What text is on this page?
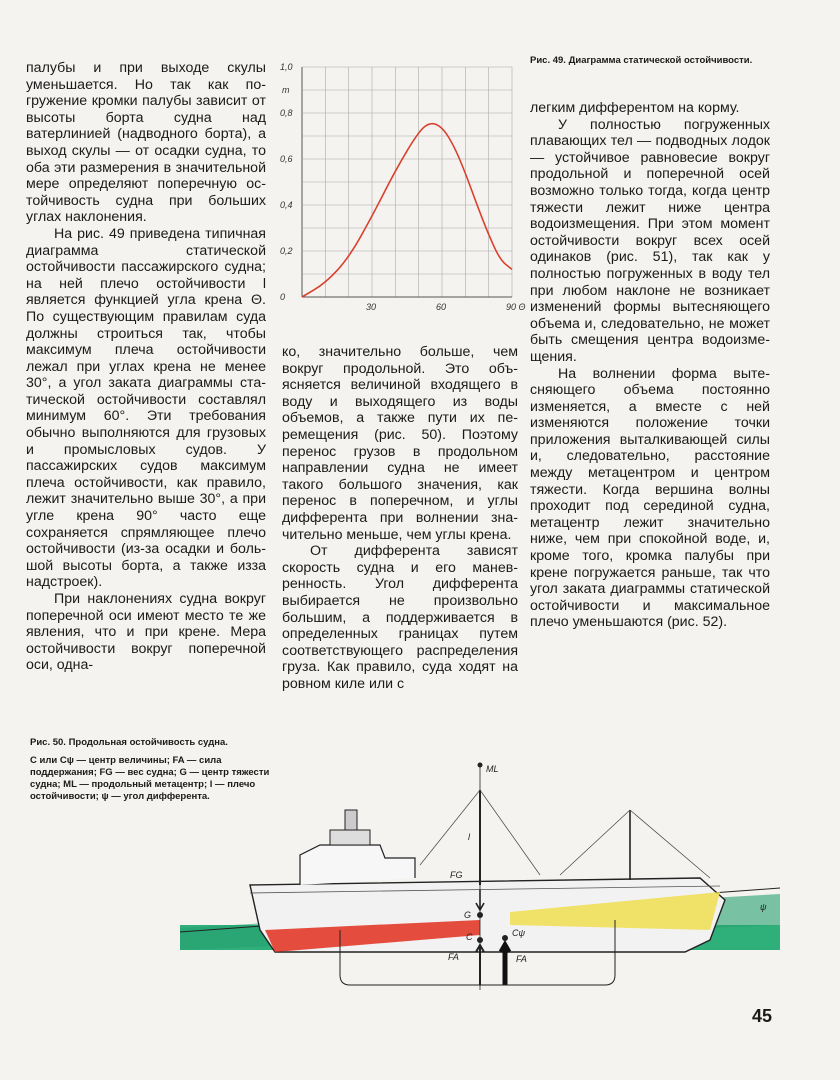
палубы и при выходе скулы уменьшается. Но так как погружение кромки палубы зависит от высоты борта судна над ватерлинией (надводного борта), а выход скулы — от осадки судна, то оба эти размерения в значительной мере определяют поперечную остойчивость судна при больших углах наклонения.

На рис. 49 приведена типичная диаграмма статической остойчивости пассажирского судна; на ней плечо остойчивости l является функцией угла крена Θ. По существующим правилам суда должны строиться так, чтобы максимум плеча остойчивости лежал при углах крена не менее 30°, а угол заката диаграммы статической остойчивости составлял минимум 60°. Эти требования обычно выполняются для грузовых и промысловых судов. У пассажирских судов максимум плеча остойчивости, как правило, лежит значительно выше 30°, а при угле крена 90° часто еще сохраняется спрямляющее плечо остойчивости (из-за осадки и большой высоты борта, а также изза надстроек).

При наклонениях судна вокруг поперечной оси имеют место те же явления, что и при крене. Мера остойчивости вокруг поперечной оси, одна-

0
0,2
0,4
0,6
0,8
1,0
m
30	60	90 Θ
Рис. 49. Диаграмма статической остойчивости.

ко, значительно больше, чем вокруг продольной. Это объясняется величиной входящего в воду и выходящего из воды объемов, а также пути их перемещения (рис. 50). Поэтому перенос грузов в продольном направлении судна не имеет такого большого значения, как перенос в поперечном, и углы дифферента при волнении значительно меньше, чем углы крена.

От дифферента зависят скорость судна и его маневренность. Угол дифферента выбирается не произвольно большим, а поддерживается в определенных границах путем соответствующего распределения груза. Как правило, суда ходят на ровном киле или с

легким дифферентом на корму.

У полностью погруженных плавающих тел — подводных лодок — устойчивое равновесие вокруг продольной и поперечной осей возможно только тогда, когда центр тяжести лежит ниже центра водоизмещения. При этом момент остойчивости вокруг всех осей одинаков (рис. 51), так как у полностью погруженных в воду тел при любом наклоне не возникает изменений формы вытесняющего объема и, следовательно, не может быть смещения центра водоизмещения.

На волнении форма вытесняющего объема постоянно изменяется, а вместе с ней изменяются положение точки приложения выталкивающей силы и, следовательно, расстояние между метацентром и центром тяжести. Когда вершина волны проходит под серединой судна, метацентр лежит значительно ниже, чем при спокойной воде, и, кроме того, кромка палубы при крене погружается раньше, так что угол заката диаграммы статической остойчивости и максимальное плечо уменьшаются (рис. 52).

Рис. 50. Продольная остойчивость судна.
C или Cψ — центр величины; FA — сила поддержания; FG — вес судна; G — центр тяжести судна; ML — продольный метацентр; l — плечо остойчивости; ψ — угол дифферента.
ML
l
FG
G
C	Cψ
FA	FA
ψ
45
